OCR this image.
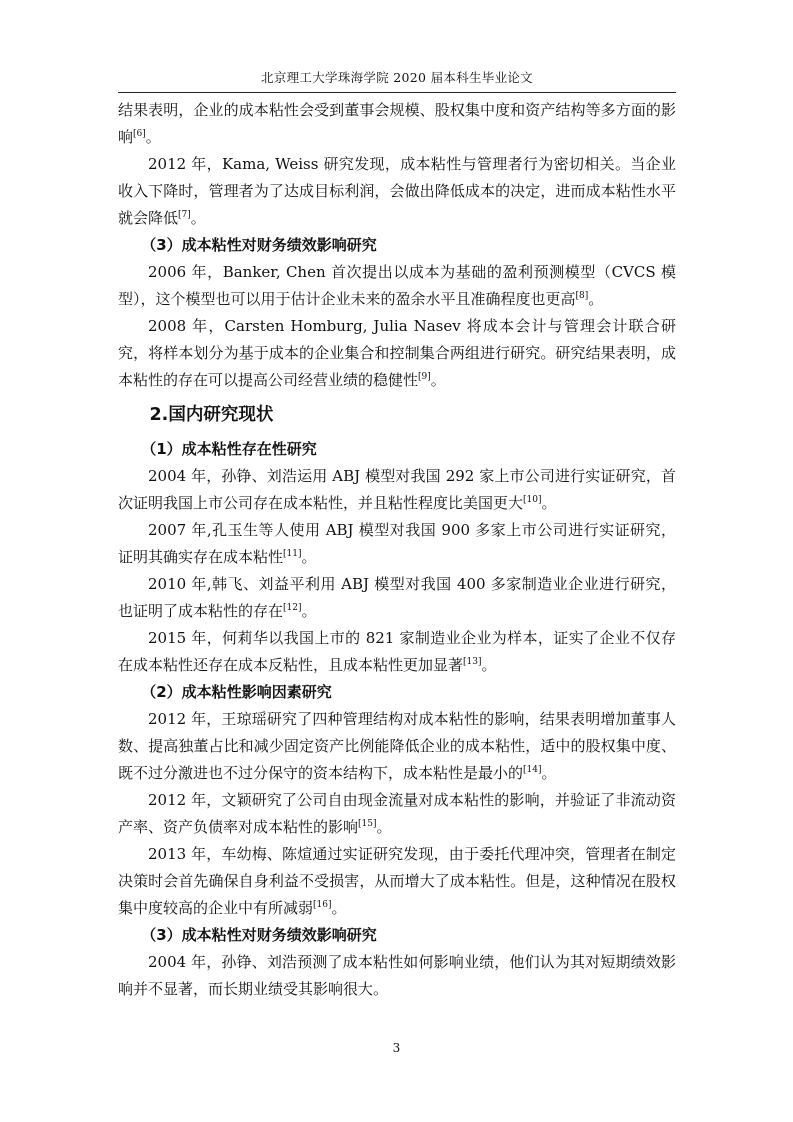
北京理工大学珠海学院 2020 届本科生毕业论文

结果表明，企业的成本粘性会受到董事会规模、股权集中度和资产结构等多方面的影响[6]。

2012 年，Kama, Weiss 研究发现，成本粘性与管理者行为密切相关。当企业收入下降时，管理者为了达成目标利润，会做出降低成本的决定，进而成本粘性水平就会降低[7]。

（3）成本粘性对财务绩效影响研究

2006 年，Banker, Chen 首次提出以成本为基础的盈利预测模型（CVCS 模型），这个模型也可以用于估计企业未来的盈余水平且准确程度也更高[8]。

2008 年，Carsten Homburg, Julia Nasev 将成本会计与管理会计联合研究，将样本划分为基于成本的企业集合和控制集合两组进行研究。研究结果表明，成本粘性的存在可以提高公司经营业绩的稳健性[9]。

2.国内研究现状

（1）成本粘性存在性研究

2004 年，孙铮、刘浩运用 ABJ 模型对我国 292 家上市公司进行实证研究，首次证明我国上市公司存在成本粘性，并且粘性程度比美国更大[10]。

2007 年,孔玉生等人使用 ABJ 模型对我国 900 多家上市公司进行实证研究，证明其确实存在成本粘性[11]。

2010 年,韩飞、刘益平利用 ABJ 模型对我国 400 多家制造业企业进行研究，也证明了成本粘性的存在[12]。

2015 年，何莉华以我国上市的 821 家制造业企业为样本，证实了企业不仅存在成本粘性还存在成本反粘性，且成本粘性更加显著[13]。

（2）成本粘性影响因素研究

2012 年，王琼瑶研究了四种管理结构对成本粘性的影响，结果表明增加董事人数、提高独董占比和减少固定资产比例能降低企业的成本粘性，适中的股权集中度、既不过分激进也不过分保守的资本结构下，成本粘性是最小的[14]。

2012 年，文颖研究了公司自由现金流量对成本粘性的影响，并验证了非流动资产率、资产负债率对成本粘性的影响[15]。

2013 年，车幼梅、陈煊通过实证研究发现，由于委托代理冲突，管理者在制定决策时会首先确保自身利益不受损害，从而增大了成本粘性。但是，这种情况在股权集中度较高的企业中有所减弱[16]。

（3）成本粘性对财务绩效影响研究

2004 年，孙铮、刘浩预测了成本粘性如何影响业绩，他们认为其对短期绩效影响并不显著，而长期业绩受其影响很大。

3
